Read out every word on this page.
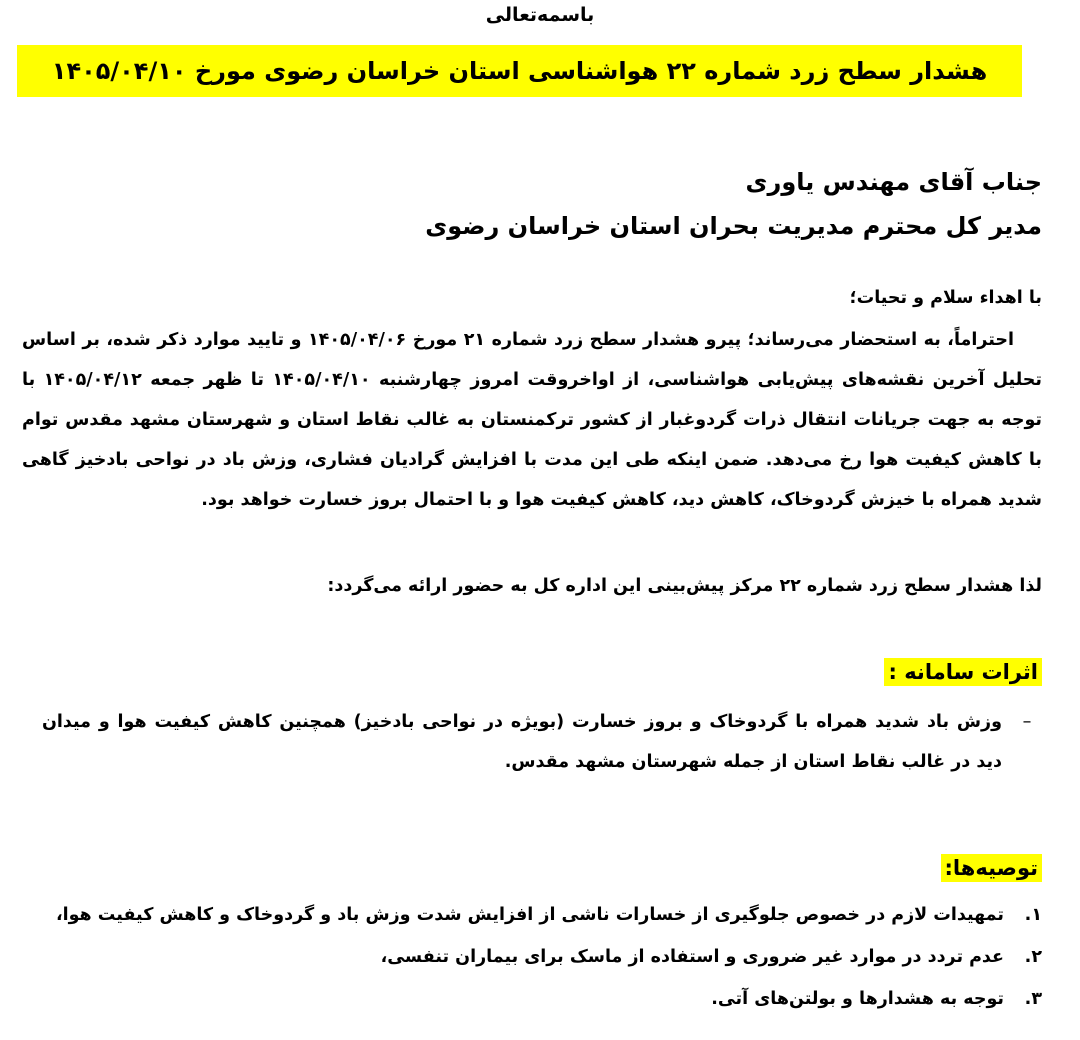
باسمه‌تعالی
هشدار سطح زرد شماره ۲۲ هواشناسی استان خراسان رضوی مورخ ۱۴۰۵/۰۴/۱۰
جناب آقای مهندس یاوری
مدیر کل محترم مدیریت بحران استان خراسان رضوی
با اهداء سلام و تحیات؛

احتراماً، به استحضار می‌رساند؛ پیرو هشدار سطح زرد شماره ۲۱ مورخ ۱۴۰۵/۰۴/۰۶ و تایید موارد ذکر شده، بر اساس تحلیل آخرین نقشه‌های پیش‌یابی هواشناسی، از اواخروقت امروز چهارشنبه ۱۴۰۵/۰۴/۱۰ تا ظهر جمعه ۱۴۰۵/۰۴/۱۲ با توجه به جهت جریانات انتقال ذرات گردوغبار از کشور ترکمنستان به غالب نقاط استان و شهرستان مشهد مقدس توام با کاهش کیفیت هوا رخ می‌دهد. ضمن اینکه طی این مدت با افزایش گرادیان فشاری، وزش باد در نواحی بادخیز گاهی شدید همراه با خیزش گردوخاک، کاهش دید، کاهش کیفیت هوا و با احتمال بروز خسارت خواهد بود.

لذا هشدار سطح زرد شماره ۲۲ مرکز پیش‌بینی این اداره کل به حضور ارائه می‌گردد:
اثرات سامانه :
–
وزش باد شدید همراه با گردوخاک و بروز خسارت (بویژه در نواحی بادخیز) همچنین کاهش کیفیت هوا و میدان دید در غالب نقاط استان از جمله شهرستان مشهد مقدس.
توصیه‌ها:
۱.
تمهیدات لازم در خصوص جلوگیری از خسارات ناشی از افزایش شدت وزش باد و گردوخاک و کاهش کیفیت هوا،
۲.
عدم تردد در موارد غیر ضروری و استفاده از ماسک برای بیماران تنفسی،
۳.
توجه به هشدارها و بولتن‌های آتی.
